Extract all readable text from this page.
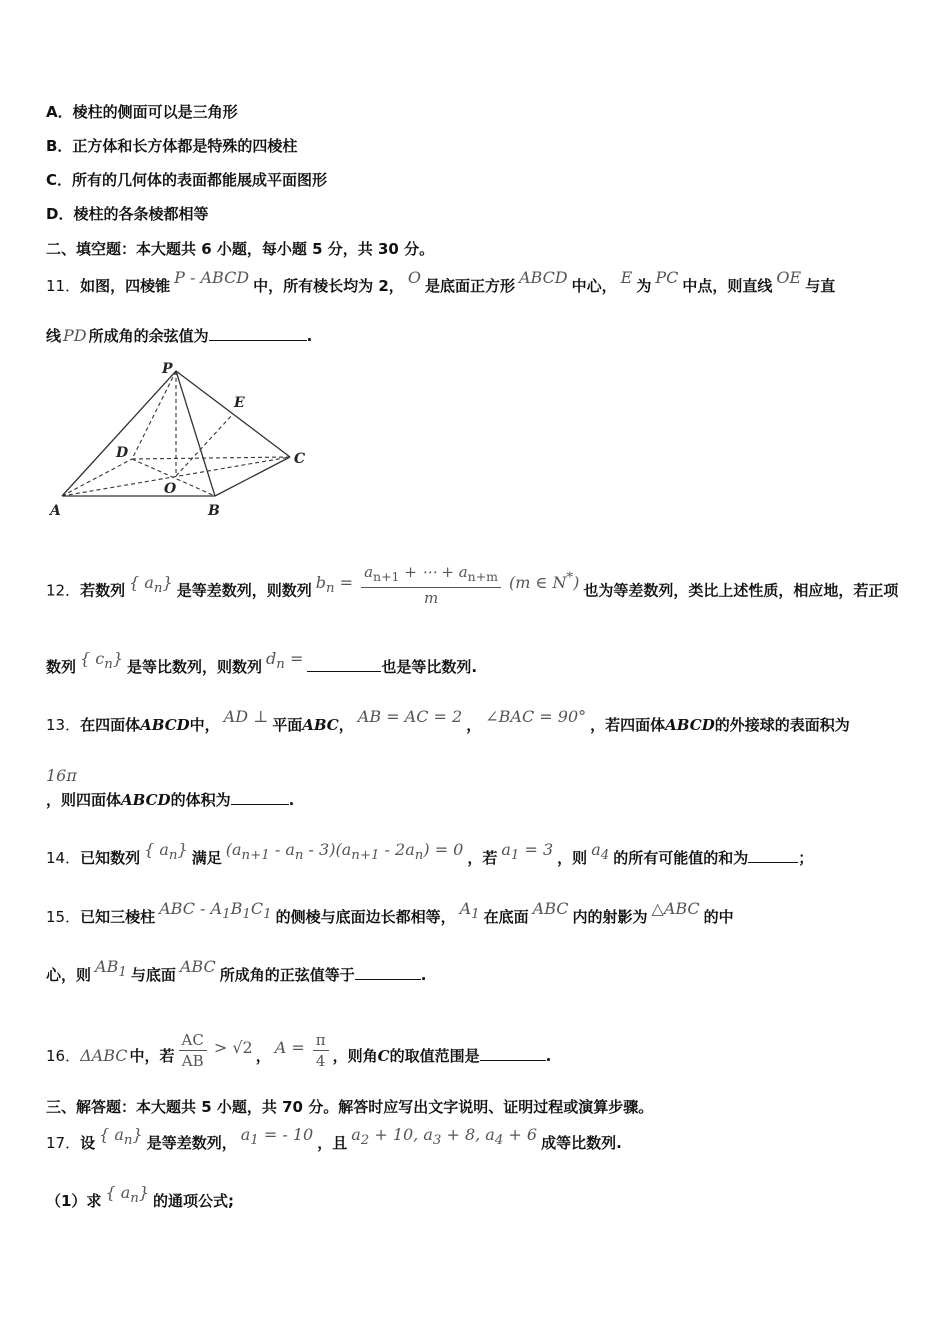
A．棱柱的侧面可以是三角形
B．正方体和长方体都是特殊的四棱柱
C．所有的几何体的表面都能展成平面图形
D．棱柱的各条棱都相等
二、填空题：本大题共 6 小题，每小题 5 分，共 30 分。
11．如图，四棱锥 P - ABCD 中，所有棱长均为 2， O 是底面正方形 ABCD 中心， E 为 PC 中点，则直线 OE 与直
线 PD 所成角的余弦值为	.
P
E
D	C
O
A	B
12．若数列 { $a_n$} 是等差数列，则数列 $b_n = \frac{a_{n+1} + \cdots + a_{n+m}}{m} (m$ ∈ N*) 也为等差数列，类比上述性质，相应地，若正项
数列 { $c_n$} 是等比数列，则数列 $d_n$ =	也是等比数列.
13．在四面体ABCD中， AD ⊥ 平面ABC， AB = AC = 2 ， ∠BAC = 90° ，若四面体ABCD的外接球的表面积为
16π
，则四面体ABCD的体积为	.
14．已知数列 { $a_n$} 满足 $(a_{n+1} - a_n - 3)(a_{n+1} - 2a_n) = 0$ ，若 $a_1 = 3$ ，则 $a_4$ 的所有可能值的和为	；
15．已知三棱柱 ABC - $A_1B_1C_1$ 的侧棱与底面边长都相等， $A_1$ 在底面 ABC 内的射影为 △ABC 的中
心，则 $AB_1$ 与底面 ABC 所成角的正弦值等于	.
16．ΔABC 中，若 $\frac{AC}{AB} > √2$ ， $A = \frac{\pi}{4}$ ，则角C的取值范围是	.
三、解答题：本大题共 5 小题，共 70 分。解答时应写出文字说明、证明过程或演算步骤。
17．设 { $a_n$} 是等差数列， $a_1$ = - 10 ，且 $a_2 + 10$, $a_3 + 8$, $a_4 + 6$ 成等比数列.
（1）求 { $a_n$} 的通项公式;
